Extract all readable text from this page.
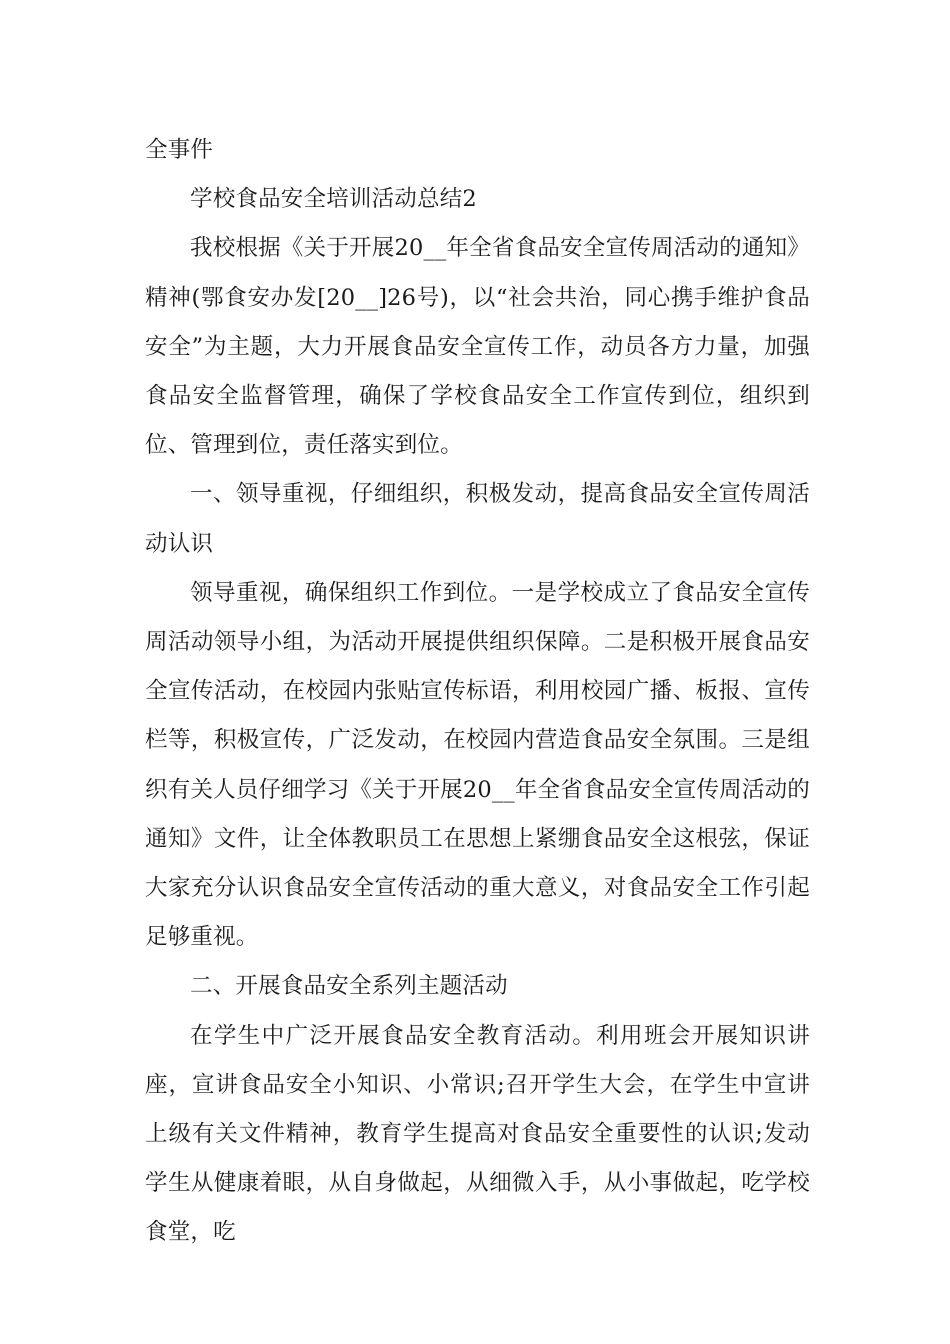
全事件

学校食品安全培训活动总结2

我校根据《关于开展20__年全省食品安全宣传周活动的通知》精神(鄂食安办发[20__]26号)，以“社会共治，同心携手维护食品安全”为主题，大力开展食品安全宣传工作，动员各方力量，加强食品安全监督管理，确保了学校食品安全工作宣传到位，组织到位、管理到位，责任落实到位。

一、领导重视，仔细组织，积极发动，提高食品安全宣传周活动认识

领导重视，确保组织工作到位。一是学校成立了食品安全宣传周活动领导小组，为活动开展提供组织保障。二是积极开展食品安全宣传活动，在校园内张贴宣传标语，利用校园广播、板报、宣传栏等，积极宣传，广泛发动，在校园内营造食品安全氛围。三是组织有关人员仔细学习《关于开展20__年全省食品安全宣传周活动的通知》文件，让全体教职员工在思想上紧绷食品安全这根弦，保证大家充分认识食品安全宣传活动的重大意义，对食品安全工作引起足够重视。

二、开展食品安全系列主题活动

在学生中广泛开展食品安全教育活动。利用班会开展知识讲座，宣讲食品安全小知识、小常识;召开学生大会，在学生中宣讲上级有关文件精神，教育学生提高对食品安全重要性的认识;发动学生从健康着眼，从自身做起，从细微入手，从小事做起，吃学校食堂，吃
